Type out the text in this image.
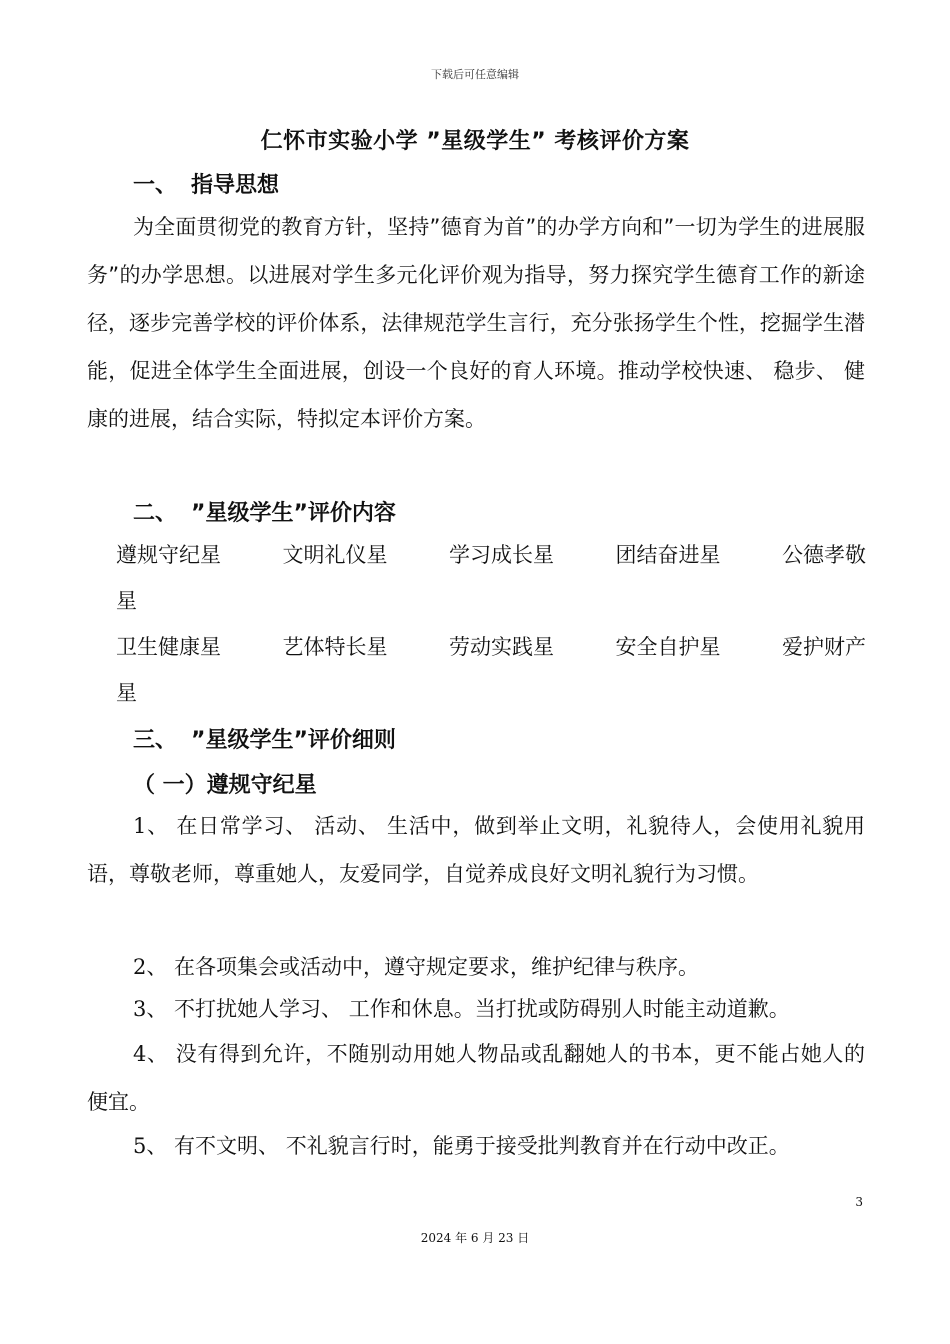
下载后可任意编辑
仁怀市实验小学 ”星级学生” 考核评价方案
一、 指导思想
为全面贯彻党的教育方针，坚持”德育为首”的办学方向和”一切为学生的进展服务”的办学思想。以进展对学生多元化评价观为指导，努力探究学生德育工作的新途径，逐步完善学校的评价体系，法律规范学生言行，充分张扬学生个性，挖掘学生潜能，促进全体学生全面进展，创设一个良好的育人环境。推动学校快速、 稳步、 健康的进展，结合实际，特拟定本评价方案。
二、 ”星级学生”评价内容
遵规守纪星	文明礼仪星	学习成长星	团结奋进星	公德孝敬
星
卫生健康星	艺体特长星	劳动实践星	安全自护星	爱护财产
星
三、 ”星级学生”评价细则
（ 一）遵规守纪星
1、 在日常学习、 活动、 生活中，做到举止文明，礼貌待人，会使用礼貌用语，尊敬老师，尊重她人，友爱同学，自觉养成良好文明礼貌行为习惯。
2、 在各项集会或活动中，遵守规定要求，维护纪律与秩序。
3、 不打扰她人学习、 工作和休息。当打扰或防碍别人时能主动道歉。
4、 没有得到允许，不随别动用她人物品或乱翻她人的书本，更不能占她人的便宜。
5、 有不文明、 不礼貌言行时，能勇于接受批判教育并在行动中改正。
3
2024 年 6 月 23 日
